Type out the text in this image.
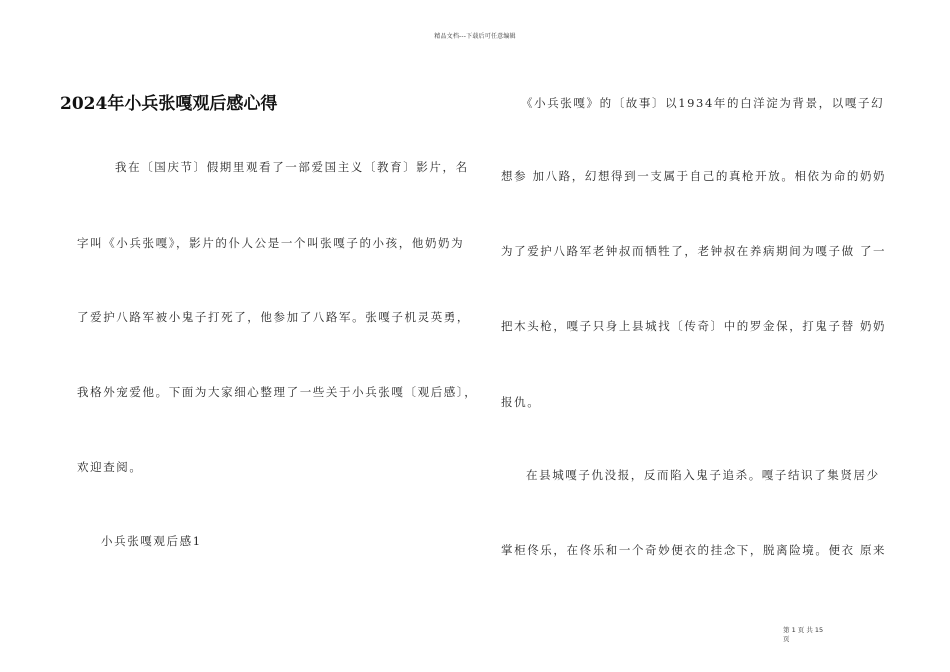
精品文档---下载后可任意编辑
2024年小兵张嘎观后感心得
我在〔国庆节〕假期里观看了一部爱国主义〔教育〕影片，名
字叫《小兵张嘎》，影片的仆人公是一个叫张嘎子的小孩，他奶奶为
了爱护八路军被小鬼子打死了，他参加了八路军。张嘎子机灵英勇，
我格外宠爱他。下面为大家细心整理了一些关于小兵张嘎〔观后感〕，
欢迎查阅。
小兵张嘎观后感1
《小兵张嘎》的〔故事〕以1934年的白洋淀为背景，以嘎子幻
想参 加八路，幻想得到一支属于自己的真枪开放。相依为命的奶奶
为了爱护八路军老钟叔而牺牲了，老钟叔在养病期间为嘎子做 了一
把木头枪，嘎子只身上县城找〔传奇〕中的罗金保，打鬼子替 奶奶
报仇。
在县城嘎子仇没报，反而陷入鬼子追杀。嘎子结识了集贤居少
掌柜佟乐，在佟乐和一个奇妙便衣的挂念下，脱离险境。便衣 原来
第 1 页 共 15
页
